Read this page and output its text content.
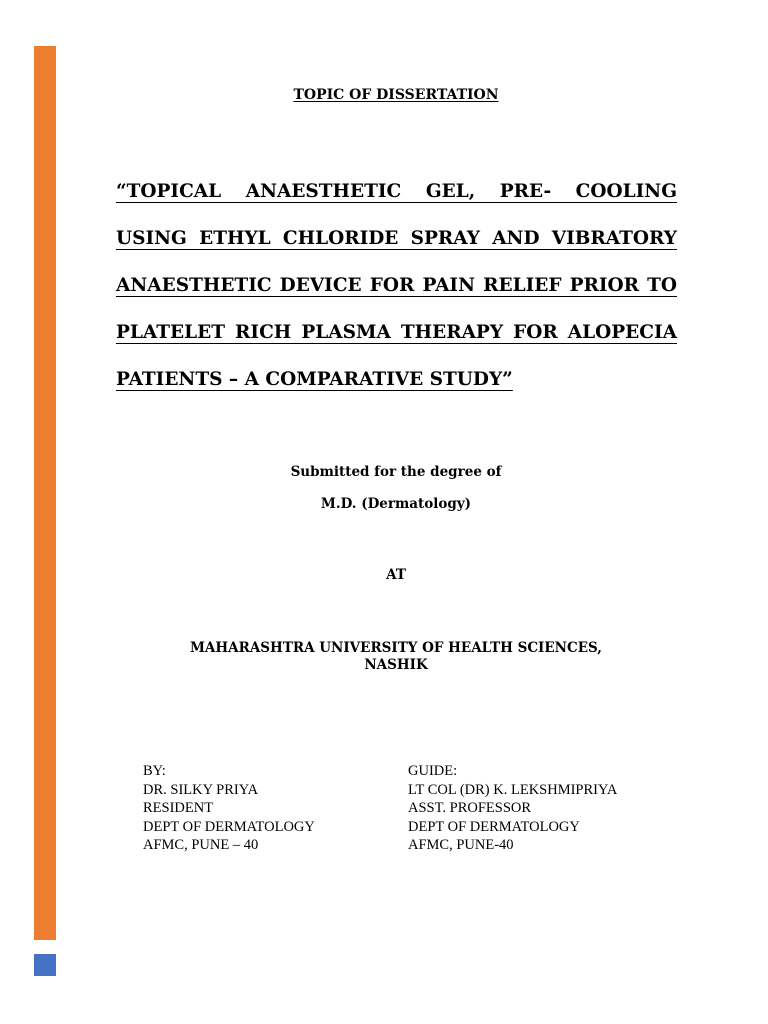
TOPIC OF DISSERTATION
“TOPICAL ANAESTHETIC GEL, PRE- COOLING USING ETHYL CHLORIDE SPRAY AND VIBRATORY ANAESTHETIC DEVICE FOR PAIN RELIEF PRIOR TO PLATELET RICH PLASMA THERAPY FOR ALOPECIA PATIENTS – A COMPARATIVE STUDY”
Submitted for the degree of
M.D. (Dermatology)
AT
MAHARASHTRA UNIVERSITY OF HEALTH SCIENCES,
NASHIK
BY:
DR. SILKY PRIYA
RESIDENT
DEPT OF DERMATOLOGY
AFMC, PUNE – 40
GUIDE:
LT COL (DR) K. LEKSHMIPRIYA
ASST. PROFESSOR
DEPT OF DERMATOLOGY
AFMC, PUNE-40
